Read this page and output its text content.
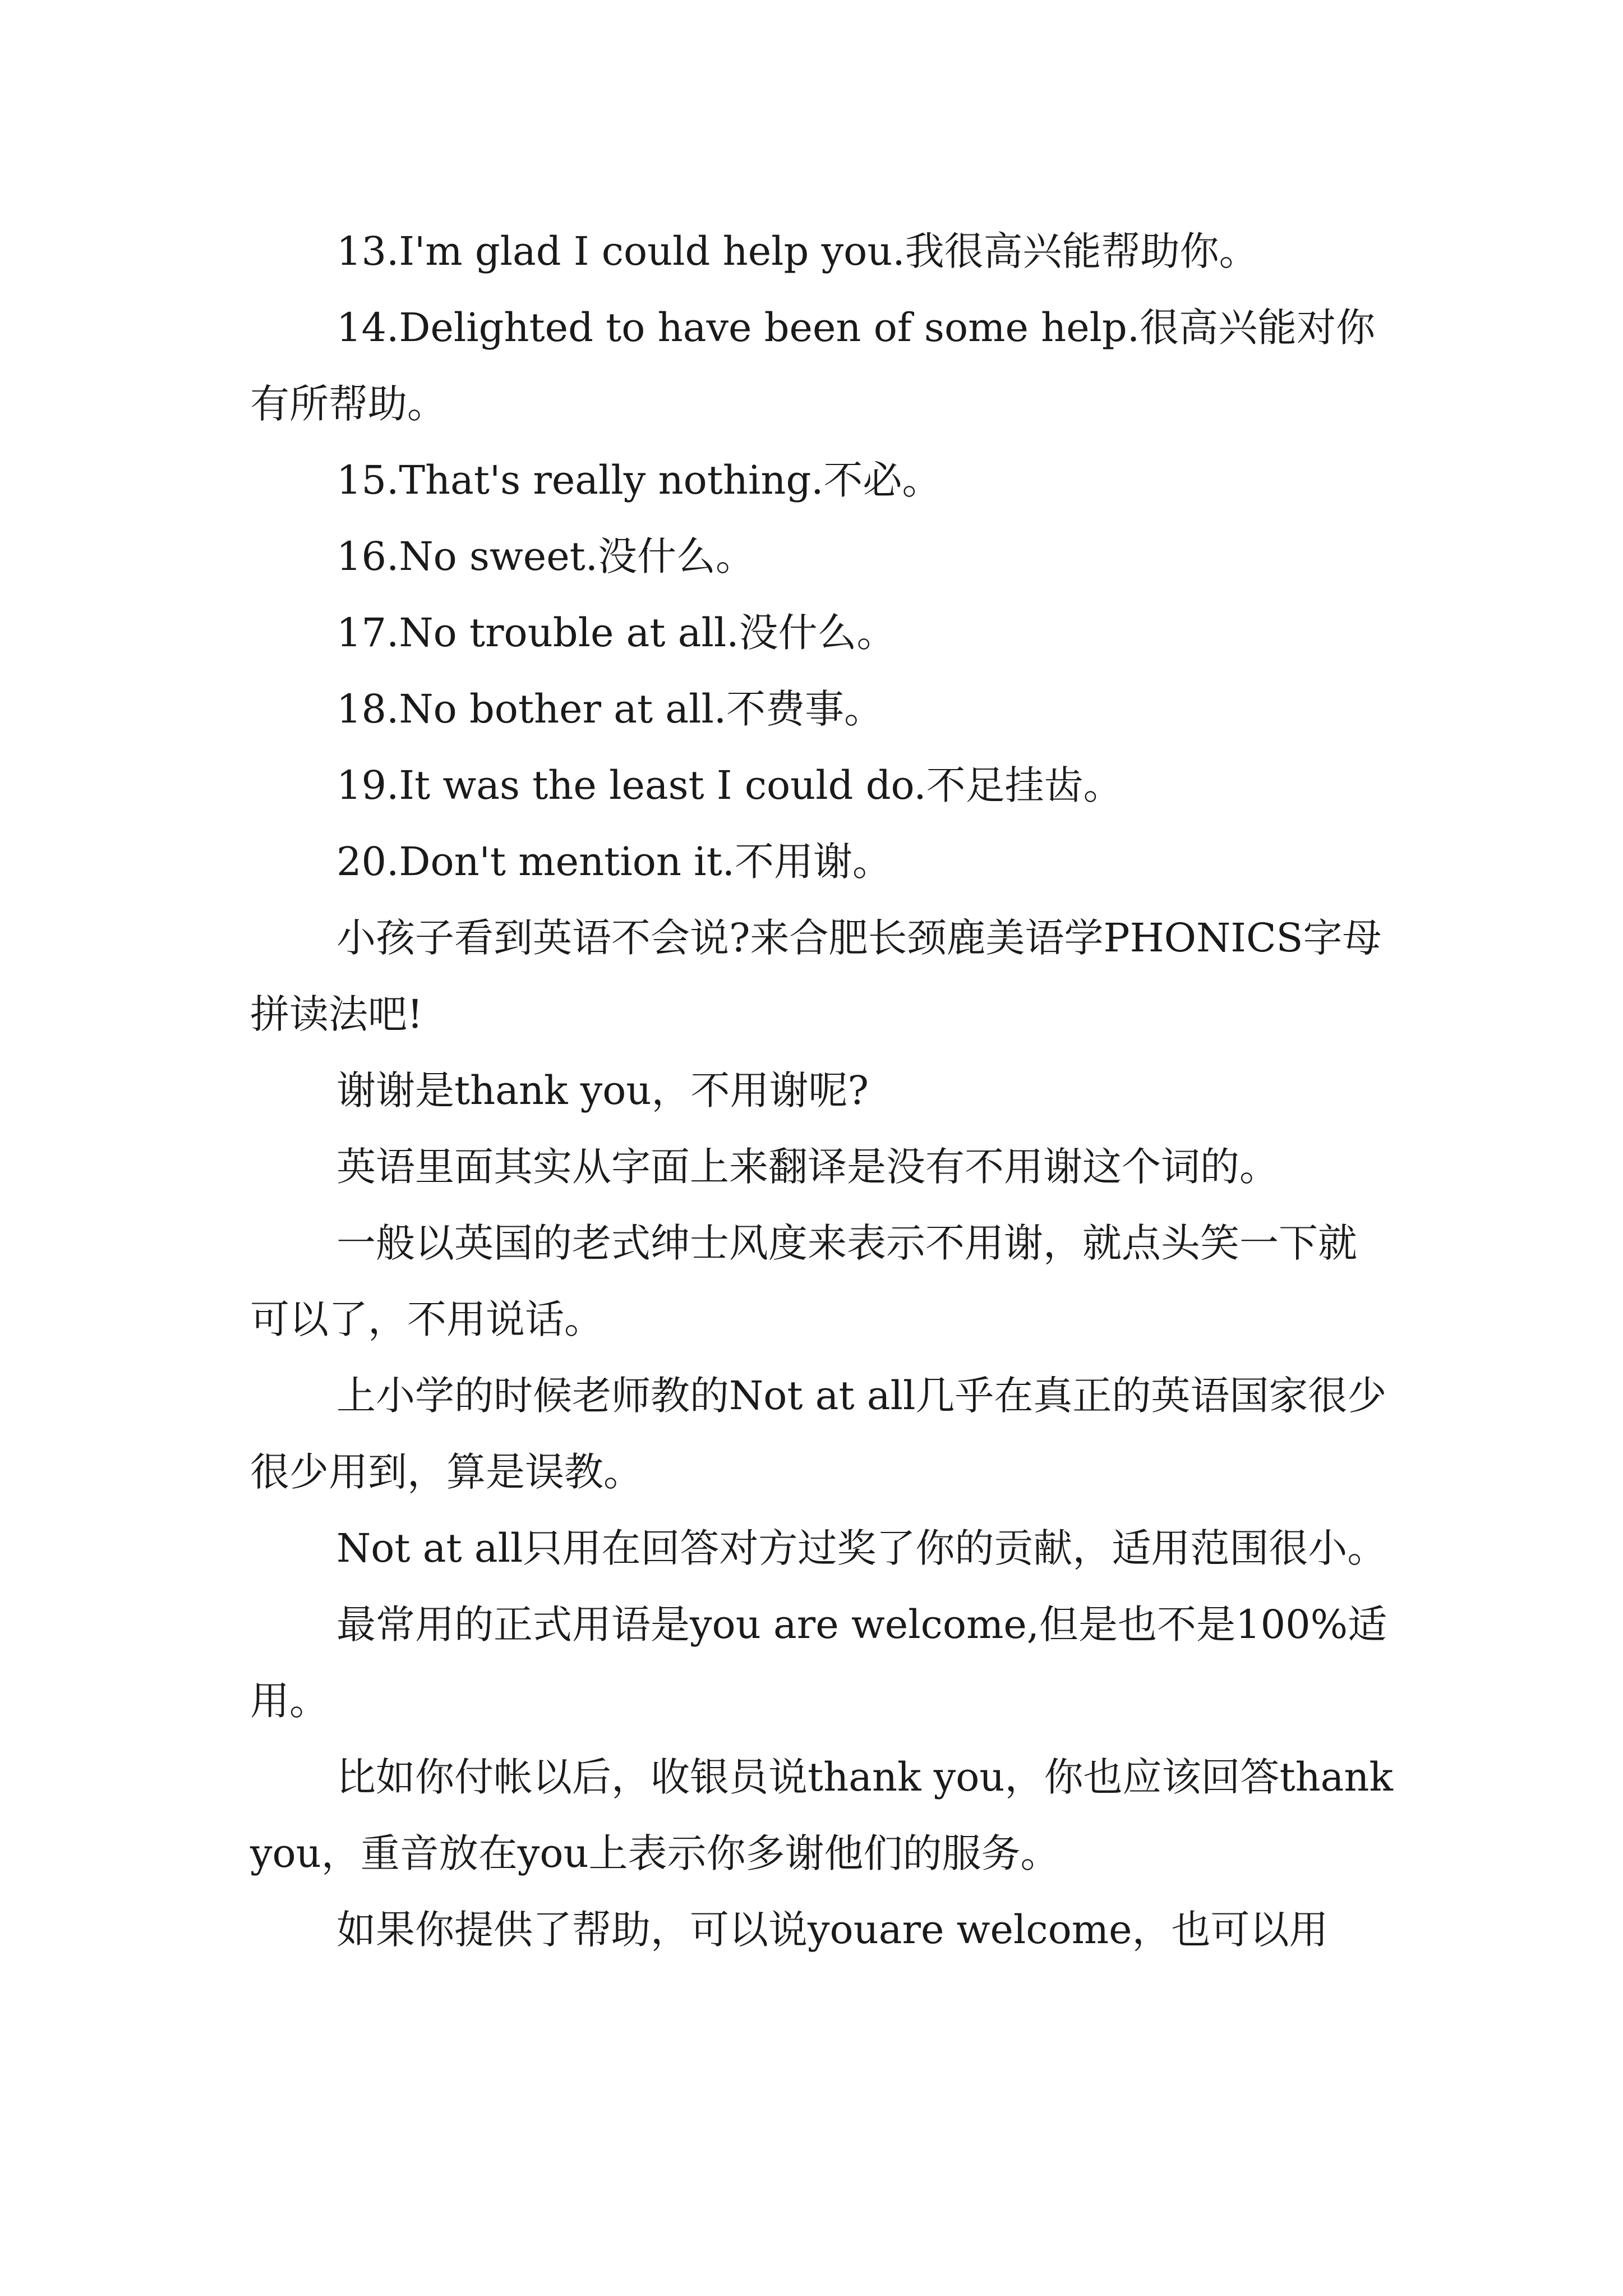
13.I'm glad I could help you.我很高兴能帮助你。

14.Delighted to have been of some help.很高兴能对你有所帮助。

15.That's really nothing.不必。

16.No sweet.没什么。

17.No trouble at all.没什么。

18.No bother at all.不费事。

19.It was the least I could do.不足挂齿。

20.Don't mention it.不用谢。

小孩子看到英语不会说?来合肥长颈鹿美语学PHONICS字母拼读法吧!

谢谢是thank you，不用谢呢?

英语里面其实从字面上来翻译是没有不用谢这个词的。

一般以英国的老式绅士风度来表示不用谢，就点头笑一下就可以了，不用说话。

上小学的时候老师教的Not at all几乎在真正的英语国家很少很少用到，算是误教。

Not at all只用在回答对方过奖了你的贡献，适用范围很小。

最常用的正式用语是you are welcome,但是也不是100%适用。

比如你付帐以后，收银员说thank you，你也应该回答thank you，重音放在you上表示你多谢他们的服务。

如果你提供了帮助，可以说youare welcome，也可以用
